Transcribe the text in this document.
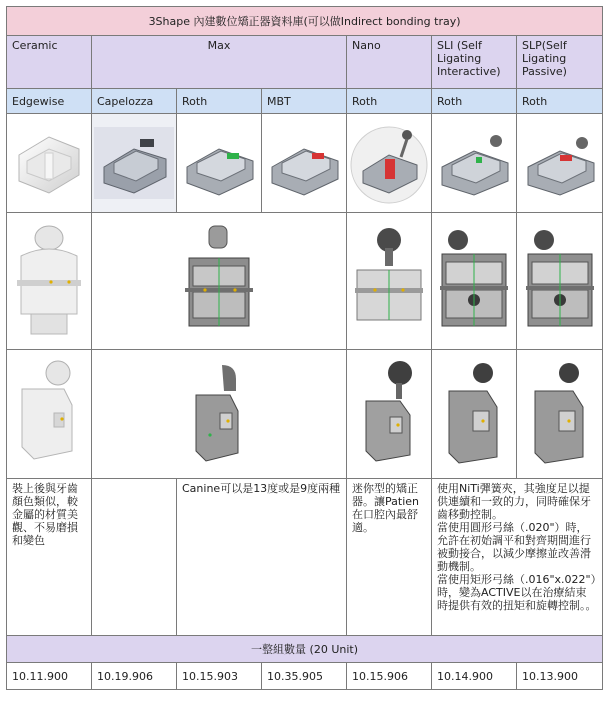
3Shape 內建數位矯正器資料庫(可以做Indirect bonding tray)						
Ceramic	Max			Nano	SLI (Self Ligating Interactive)	SLP(Self Ligating Passive)
Edgewise	Capelozza	Roth	MBT	Roth	Roth	Roth

裝上後與牙齒顏色類似，較金屬的材質美觀、不易磨損和變色		Canine可以是13度或是9度兩種		迷你型的矯正器。讓Patien在口腔內最舒適。	使用NiTi彈簧夾，其強度足以提供連續和一致的力，同時確保牙齒移動控制。
當使用圓形弓絲（.020"）時，允許在初始調平和對齊期間進行被動接合，以減少摩擦並改善滑動機制。
當使用矩形弓絲（.016"x.022"）時，變為ACTIVE以在治療結束時提供有效的扭矩和旋轉控制。。	
一整組數量 (20 Unit)						
10.11.900	10.19.906	10.15.903	10.35.905	10.15.906	10.14.900	10.13.900
